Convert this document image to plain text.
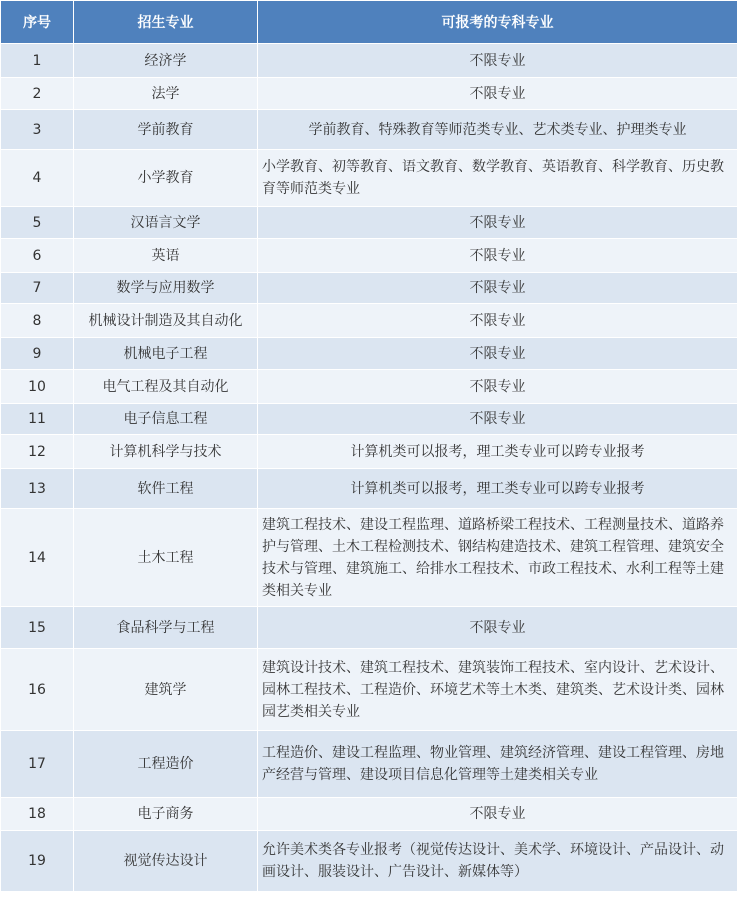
序号	招生专业	可报考的专科专业
1	经济学	不限专业
2	法学	不限专业
3	学前教育	学前教育、特殊教育等师范类专业、艺术类专业、护理类专业
4	小学教育	小学教育、初等教育、语文教育、数学教育、英语教育、科学教育、历史教育等师范类专业
5	汉语言文学	不限专业
6	英语	不限专业
7	数学与应用数学	不限专业
8	机械设计制造及其自动化	不限专业
9	机械电子工程	不限专业
10	电气工程及其自动化	不限专业
11	电子信息工程	不限专业
12	计算机科学与技术	计算机类可以报考，理工类专业可以跨专业报考
13	软件工程	计算机类可以报考，理工类专业可以跨专业报考
14	土木工程	建筑工程技术、建设工程监理、道路桥梁工程技术、工程测量技术、道路养护与管理、土木工程检测技术、钢结构建造技术、建筑工程管理、建筑安全技术与管理、建筑施工、给排水工程技术、市政工程技术、水利工程等土建类相关专业
15	食品科学与工程	不限专业
16	建筑学	建筑设计技术、建筑工程技术、建筑装饰工程技术、室内设计、艺术设计、园林工程技术、工程造价、环境艺术等土木类、建筑类、艺术设计类、园林园艺类相关专业
17	工程造价	工程造价、建设工程监理、物业管理、建筑经济管理、建设工程管理、房地产经营与管理、建设项目信息化管理等土建类相关专业
18	电子商务	不限专业
19	视觉传达设计	允许美术类各专业报考（视觉传达设计、美术学、环境设计、产品设计、动画设计、服装设计、广告设计、新媒体等）
